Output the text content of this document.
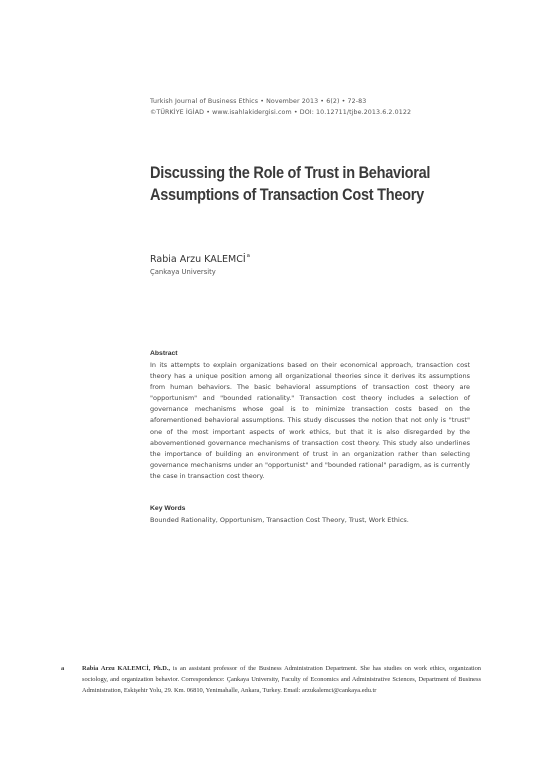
Turkish Journal of Business Ethics • November 2013 • 6(2) • 72-83
©TÜRKİYE İGİAD • www.isahlakidergisi.com • DOI: 10.12711/tjbe.2013.6.2.0122
Discussing the Role of Trust in Behavioral
Assumptions of Transaction Cost Theory
Rabia Arzu KALEMCİ$^a$
Çankaya University
Abstract
In its attempts to explain organizations based on their economical approach, transaction cost theory has a unique position among all organizational theories since it derives its assumptions from human behaviors. The basic behavioral assumptions of transaction cost theory are "opportunism" and "bounded rationality." Transaction cost theory includes a selection of governance mechanisms whose goal is to minimize transaction costs based on the aforementioned behavioral assumptions. This study discusses the notion that not only is "trust" one of the most important aspects of work ethics, but that it is also disregarded by the abovementioned governance mechanisms of transaction cost theory. This study also underlines the importance of building an environment of trust in an organization rather than selecting governance mechanisms under an "opportunist" and "bounded rational" paradigm, as is currently the case in transaction cost theory.
Key Words
Bounded Rationality, Opportunism, Transaction Cost Theory, Trust, Work Ethics.
a	Rabia Arzu KALEMCİ, Ph.D., is an assistant professor of the Business Administration Department. She has studies on work ethics, organization sociology, and organization behavior. Correspondence: Çankaya University, Faculty of Economics and Administrative Sciences, Department of Business Administration, Eskişehir Yolu, 29. Km. 06810, Yenimahalle, Ankara, Turkey. Email: arzukalemci@cankaya.edu.tr
